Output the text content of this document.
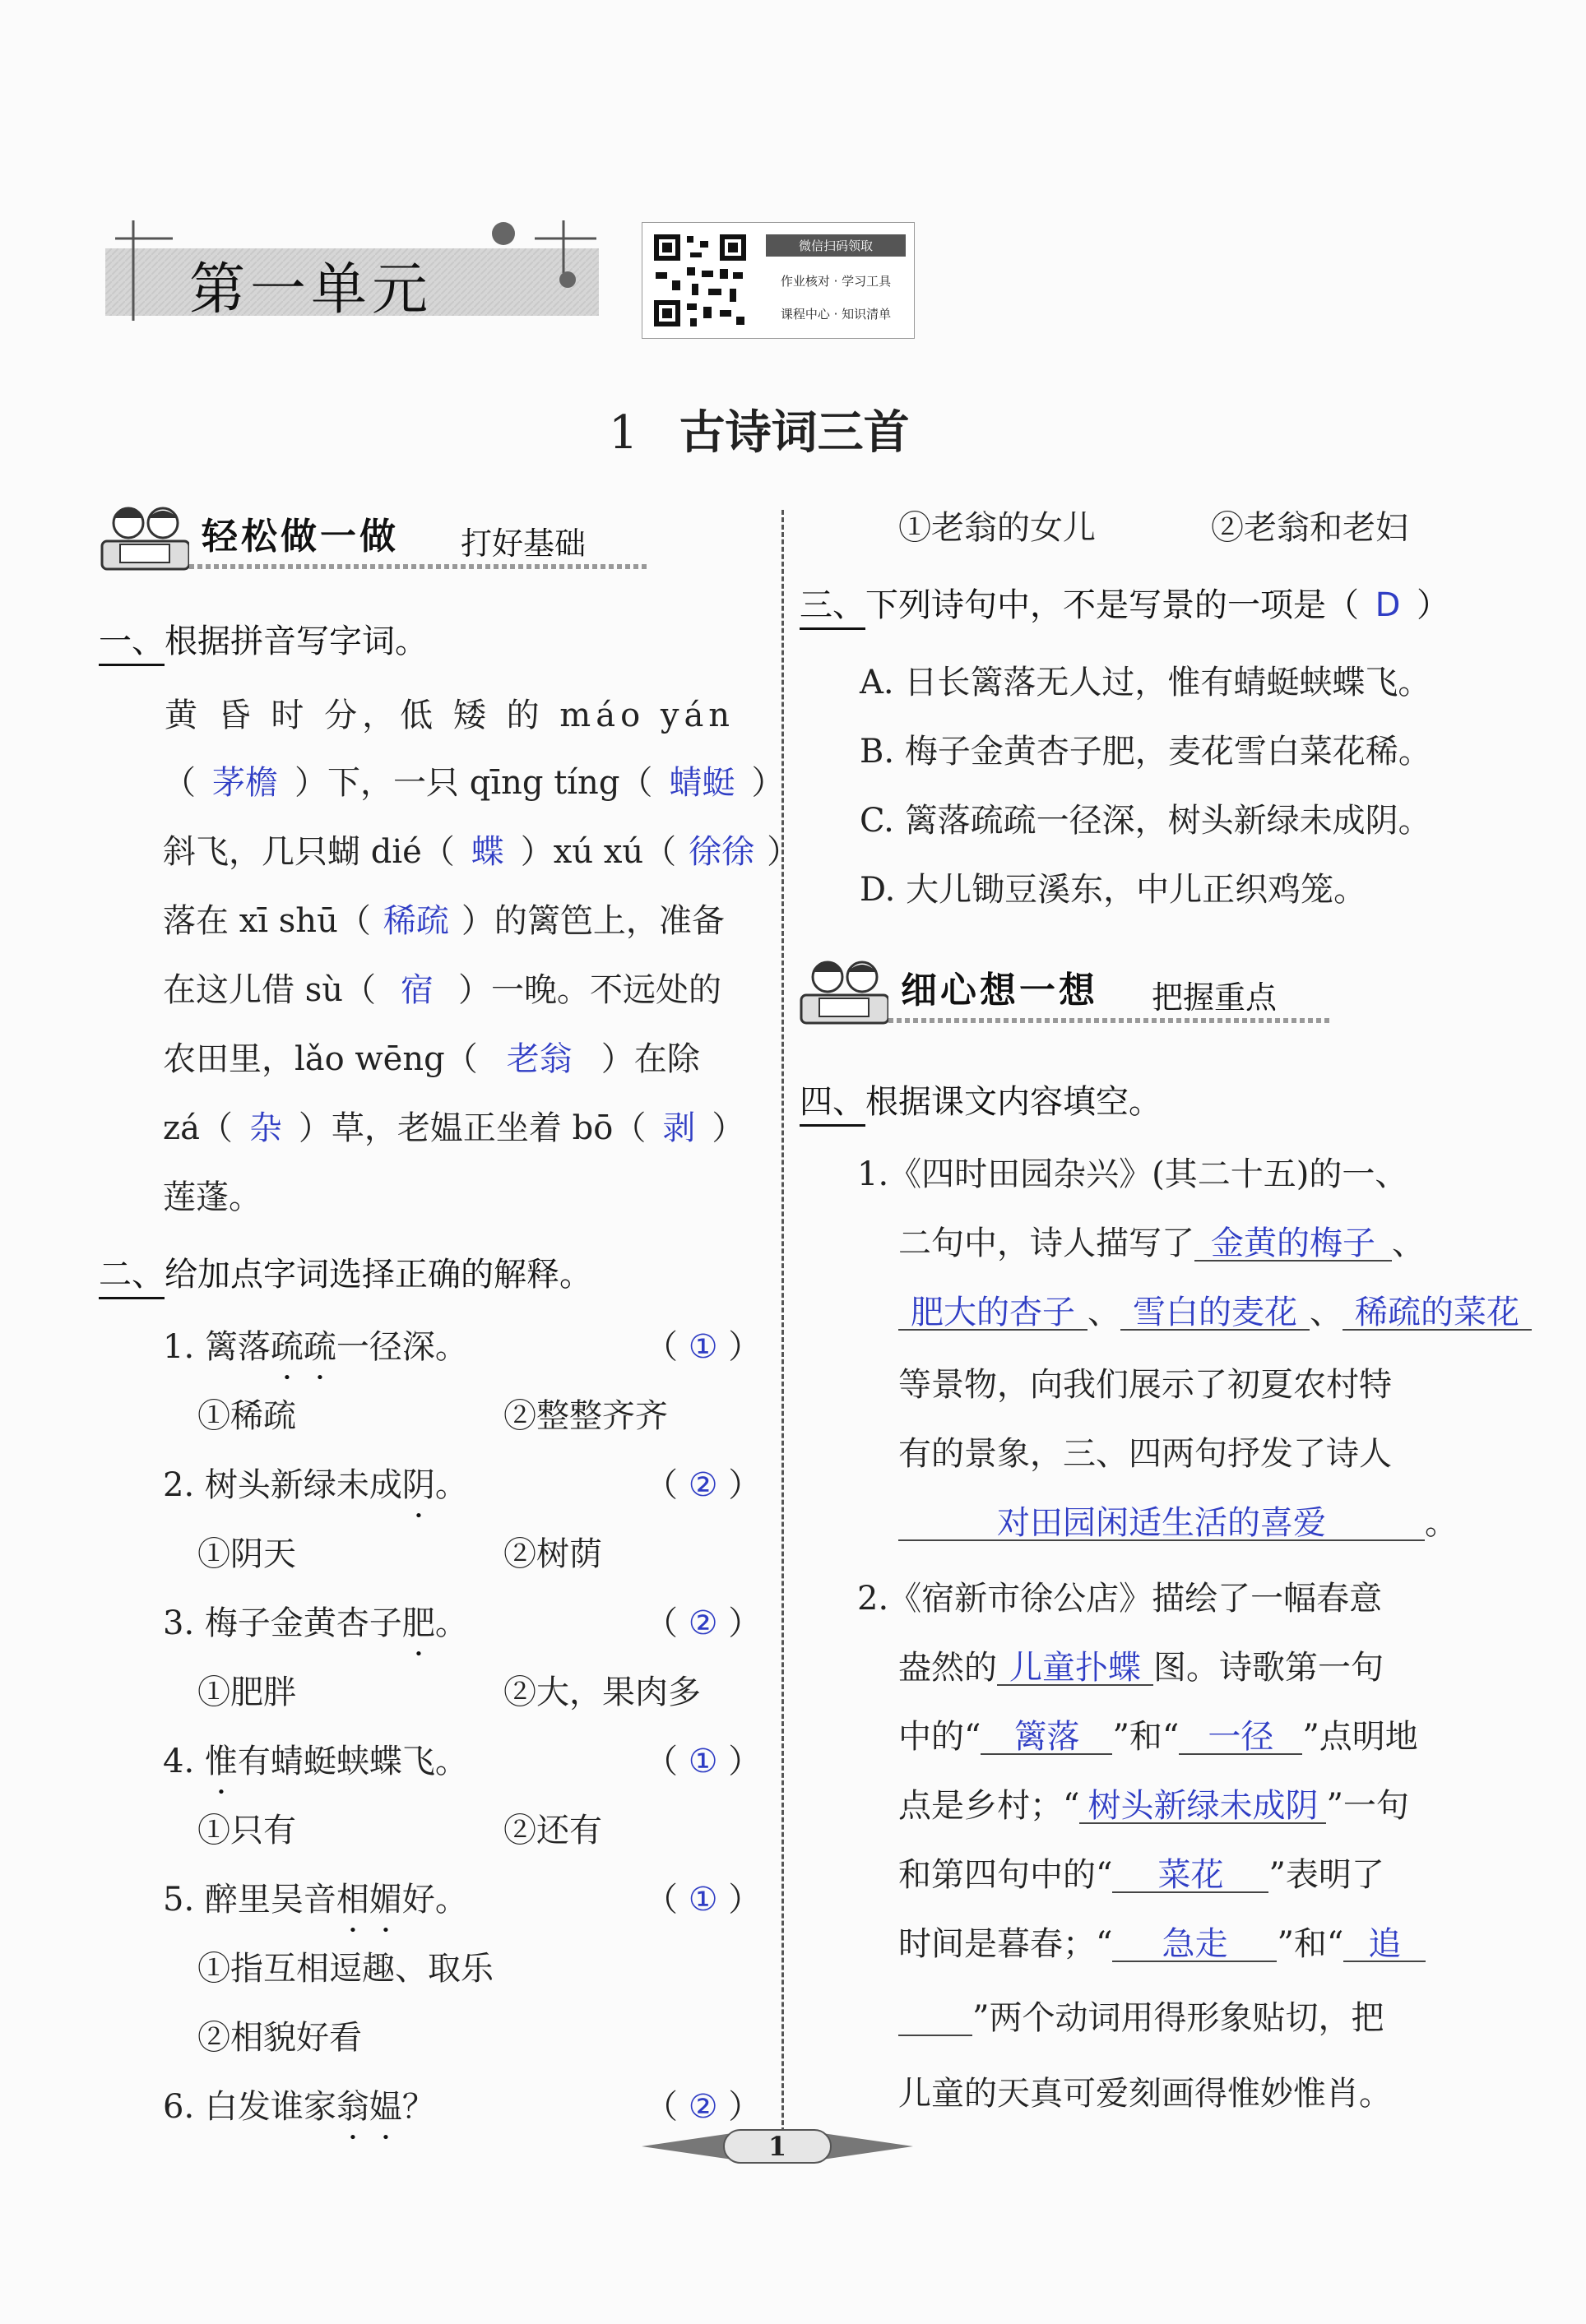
第一单元
微信扫码领取
作业核对 · 学习工具
课程中心 · 知识清单
1 古诗词三首
轻松做一做 打好基础
一、根据拼音写字词。
黄 昏 时 分，低 矮 的 máo yán
（ 茅檐 ）下，一只 qīng tíng（ 蜻蜓 ）
斜飞，几只蝴 dié（ 蝶 ）xú xú（ 徐徐 ）
落在 xī shū（ 稀疏 ）的篱笆上，准备
在这儿借 sù（ 宿 ）一晚。不远处的
农田里，lǎo wēng（ 老翁 ）在除
zá（ 杂 ）草，老媪正坐着 bō（ 剥 ）
莲蓬。
二、给加点字词选择正确的解释。
1. 篱落疏疏一径深。	（ ① ）
①稀疏	②整整齐齐
2. 树头新绿未成阴。	（ ② ）
①阴天	②树荫
3. 梅子金黄杏子肥。	（ ② ）
①肥胖	②大，果肉多
4. 惟有蜻蜓蛱蝶飞。	（ ① ）
①只有	②还有
5. 醉里吴音相媚好。	（ ① ）
①指互相逗趣、取乐
②相貌好看
6. 白发谁家翁媪？	（ ② ）
①老翁的女儿	②老翁和老妇
三、下列诗句中，不是写景的一项是（ D ）
A. 日长篱落无人过，惟有蜻蜓蛱蝶飞。
B. 梅子金黄杏子肥，麦花雪白菜花稀。
C. 篱落疏疏一径深，树头新绿未成阴。
D. 大儿锄豆溪东，中儿正织鸡笼。
细心想一想 把握重点
四、根据课文内容填空。
1.《四时田园杂兴》(其二十五)的一、
二句中，诗人描写了 金黄的梅子 、
肥大的杏子 、 雪白的麦花 、 稀疏的菜花
等景物，向我们展示了初夏农村特
有的景象，三、四两句抒发了诗人
对田园闲适生活的喜爱	。
2.《宿新市徐公店》描绘了一幅春意
盎然的 儿童扑蝶 图。诗歌第一句
中的“ 篱落 ”和“ 一径 ”点明地
点是乡村；“ 树头新绿未成阴 ”一句
和第四句中的“ 菜花 ”表明了
时间是暮春；“ 急走 ”和“ 追
”两个动词用得形象贴切，把
儿童的天真可爱刻画得惟妙惟肖。
1
